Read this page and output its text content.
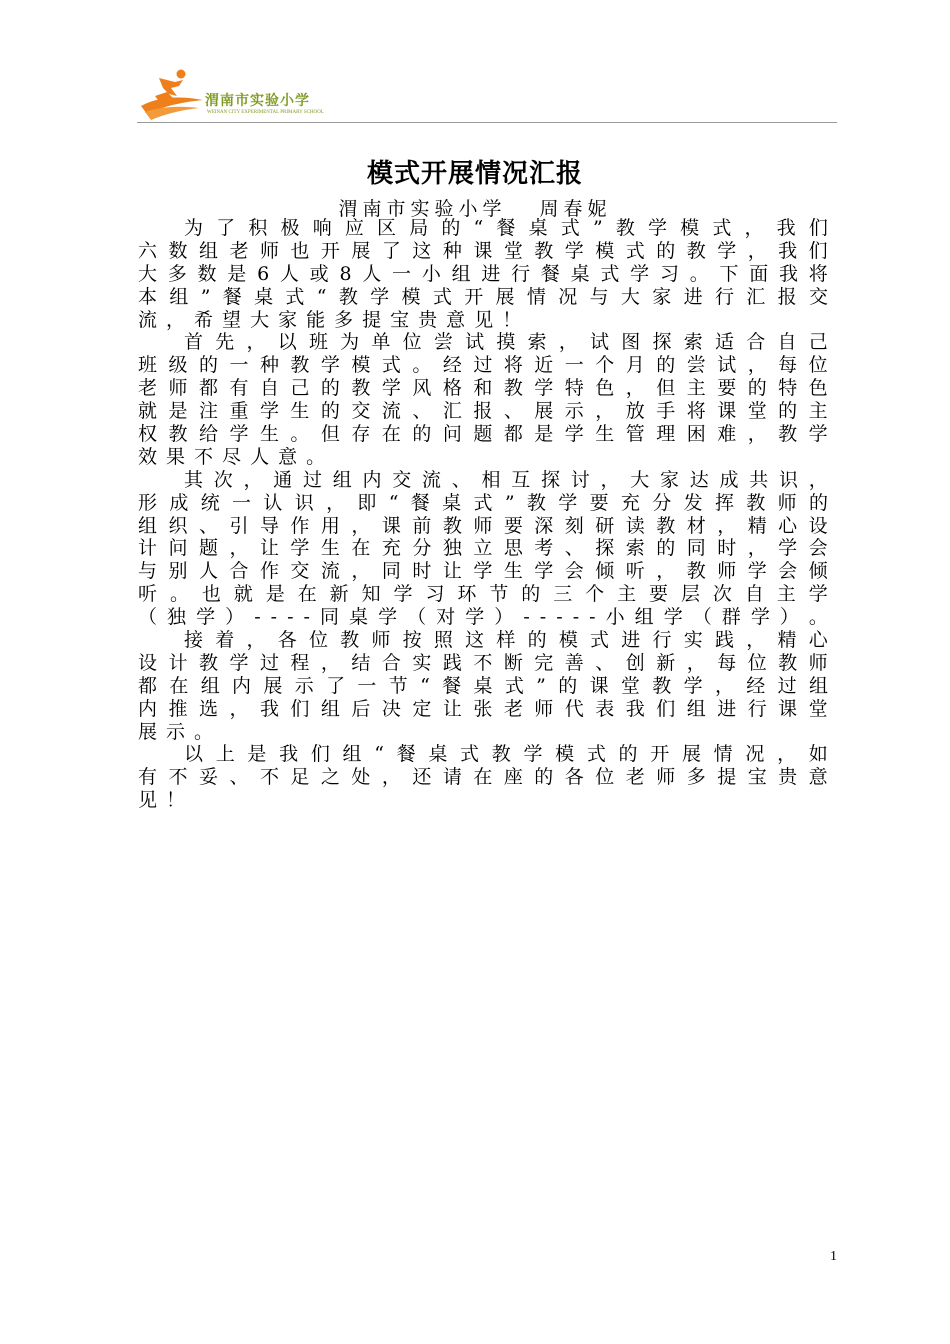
渭南市实验小学
WEINAN CITY EXPERIMENTAL PRIMARY SCHOOL
模式开展情况汇报
渭南市实验小学   周春妮
为 了 积 极 响 应 区 局 的 “ 餐 桌 式 ” 教 学 模 式 ， 我 们
六 数 组 老 师 也 开 展 了 这 种 课 堂 教 学 模 式 的 教 学 ， 我 们
大 多 数 是 6 人 或 8 人 一 小 组 进 行 餐 桌 式 学 习 。 下 面 我 将
本 组 ” 餐 桌 式 “ 教 学 模 式 开 展 情 况 与 大 家 进 行 汇 报 交
流 ， 希 望 大 家 能 多 提 宝 贵 意 见 ！
首 先 ， 以 班 为 单 位 尝 试 摸 索 ， 试 图 探 索 适 合 自 己
班 级 的 一 种 教 学 模 式 。 经 过 将 近 一 个 月 的 尝 试 ， 每 位
老 师 都 有 自 己 的 教 学 风 格 和 教 学 特 色 ， 但 主 要 的 特 色
就 是 注 重 学 生 的 交 流 、 汇 报 、 展 示 ， 放 手 将 课 堂 的 主
权 教 给 学 生 。 但 存 在 的 问 题 都 是 学 生 管 理 困 难 ， 教 学
效 果 不 尽 人 意 。
其 次 ， 通 过 组 内 交 流 、 相 互 探 讨 ， 大 家 达 成 共 识 ，
形 成 统 一 认 识 ， 即 “ 餐 桌 式 ” 教 学 要 充 分 发 挥 教 师 的
组 织 、 引 导 作 用 ， 课 前 教 师 要 深 刻 研 读 教 材 ， 精 心 设
计 问 题 ， 让 学 生 在 充 分 独 立 思 考 、 探 索 的 同 时 ， 学 会
与 别 人 合 作 交 流 ， 同 时 让 学 生 学 会 倾 听 ， 教 师 学 会 倾
听 。 也 就 是 在 新 知 学 习 环 节 的 三 个 主 要 层 次 自 主 学
（ 独 学 ） - - - - 同 桌 学 （ 对 学 ） - - - - - 小 组 学 （ 群 学 ） 。
接 着 ， 各 位 教 师 按 照 这 样 的 模 式 进 行 实 践 ， 精 心
设 计 教 学 过 程 ， 结 合 实 践 不 断 完 善 、 创 新 ， 每 位 教 师
都 在 组 内 展 示 了 一 节 “ 餐 桌 式 ” 的 课 堂 教 学 ， 经 过 组
内 推 选 ， 我 们 组 后 决 定 让 张 老 师 代 表 我 们 组 进 行 课 堂
展 示 。
以 上 是 我 们 组 “ 餐 桌 式 教 学 模 式 的 开 展 情 况 ， 如
有 不 妥 、 不 足 之 处 ， 还 请 在 座 的 各 位 老 师 多 提 宝 贵 意
见 ！
1
